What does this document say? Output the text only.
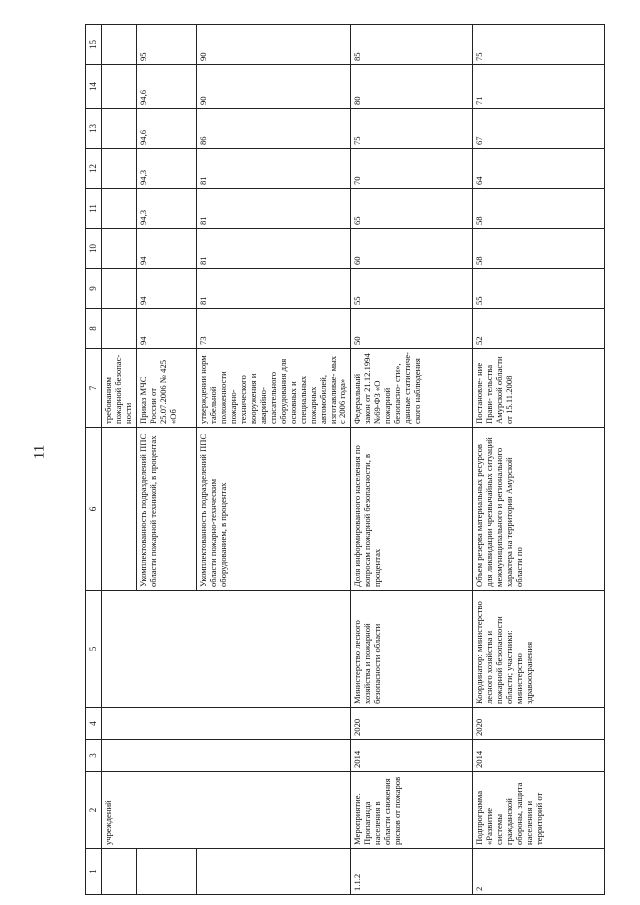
11
1	2	3	4	5	6	7	8	9	10	11	12	13	14	15
	учреждений					требованиям пожарной безопас- ности								
					Укомплектованность подразделений ППС области пожарной техникой, в процентах	Приказ МЧС России от 25.07.2006 № 425 «Об	94	94	94	94,3	94,3	94,6	94,6	95
					Укомплектованность подразделений ППС области пожарно-технческим оборудованием, в процентах	утверждении норм табельной положенности пожарно- технического вооружения и аварийно- спасательного оборудования для основных и специальных пожарных автомобилей, изготавливае- мых с 2006 года»	73	81	81	81	81	86	90	90
1.1.2	Мероприятие. Пропаганда населения в области снижения рисков от пожаров	2014	2020	Министерство лесного хозяйства и пожарной безопасности области	Доля информированного населения по вопросам пожарной безопасности, в процентах	Федеральный закон от 21.12.1994 №69-ФЗ «О пожарной безопасно- сти», данные статистиче- ского наблюдения	50	55	60	65	70	75	80	85
2	Подпрограмма «Развитие системы гражданской обороны, защита населения и территорий от	2014	2020	Координатор: министерство лесного хозяйства и пожарной безопасности области; участники: министерство здравоохранения	Объем резерва материальных ресурсов для ликвидации чрезвычайных ситуаций межмуниципального и регионального характера на территории Амурской области по	Постановле- ние Прави- тельства Амурской области от 15.11.2008	52	55	58	58	64	67	71	75
